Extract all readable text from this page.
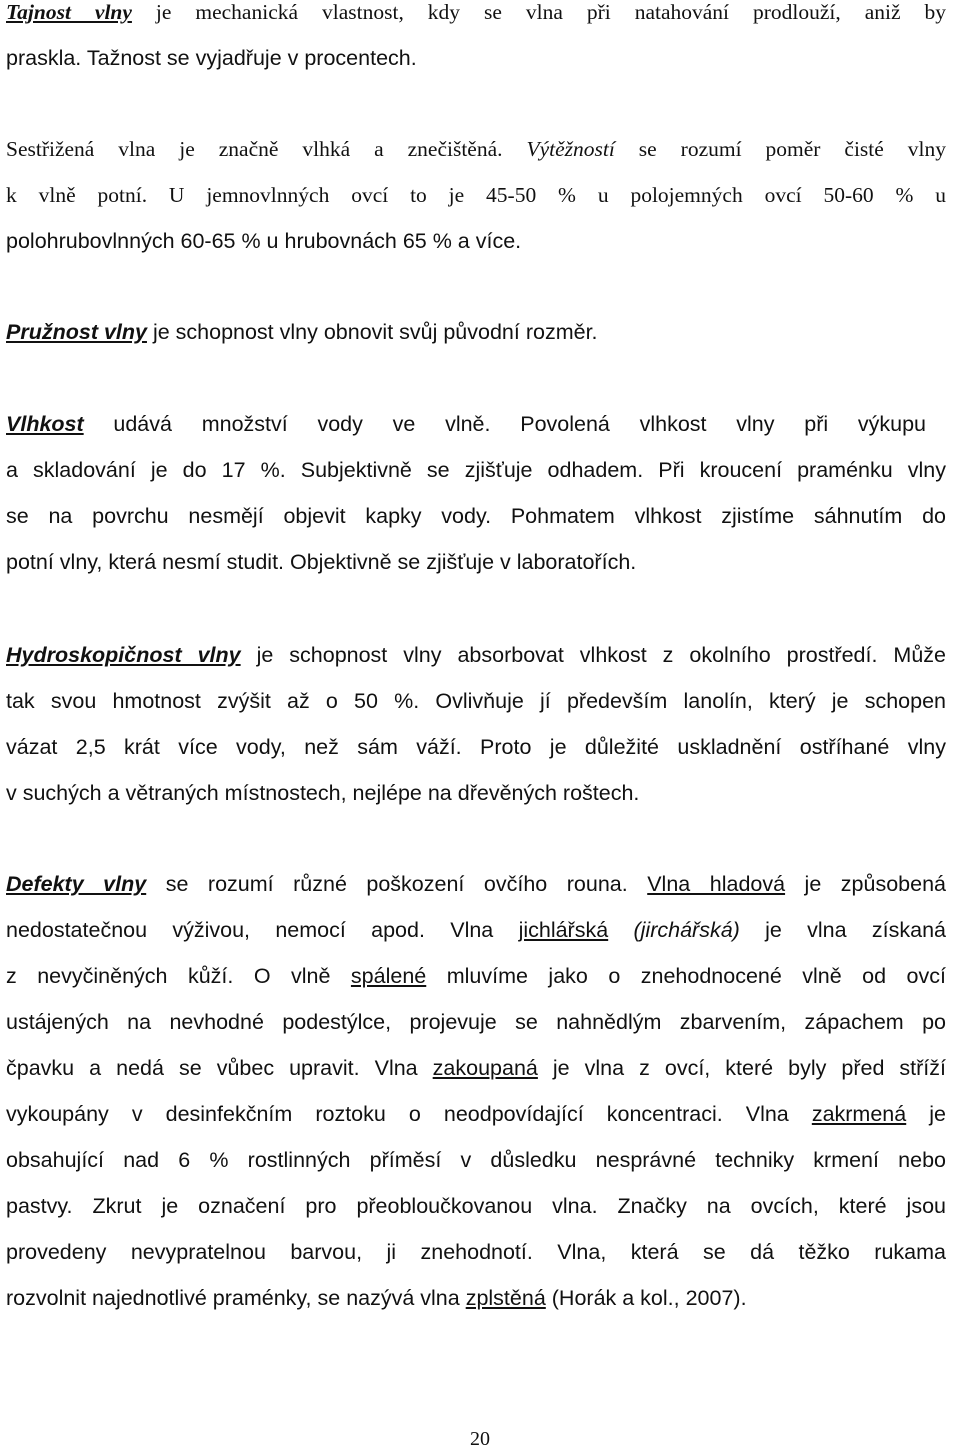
Tajnost vlny je mechanická vlastnost, kdy se vlna při natahování prodlouží, aniž by
praskla. Tažnost se vyjadřuje v procentech.
Sestřižená vlna je značně vlhká a znečištěná. Výtěžností se rozumí poměr čisté vlny
k vlně potní. U jemnovlnných ovcí to je 45-50 % u polojemných ovcí 50-60 % u
polohrubovlnných 60-65 % u hrubovnách 65 % a více.
Pružnost vlny je schopnost vlny obnovit svůj původní rozměr.
Vlhkost udává množství vody ve vlně. Povolená vlhkost vlny při výkupu
a skladování je do 17 %. Subjektivně se zjišťuje odhadem. Při kroucení praménku vlny
se na povrchu nesmějí objevit kapky vody. Pohmatem vlhkost zjistíme sáhnutím do
potní vlny, která nesmí studit. Objektivně se zjišťuje v laboratořích.
Hydroskopičnost vlny je schopnost vlny absorbovat vlhkost z okolního prostředí. Může
tak svou hmotnost zvýšit až o 50 %. Ovlivňuje jí především lanolín, který je schopen
vázat 2,5 krát více vody, než sám váží. Proto je důležité uskladnění ostříhané vlny
v suchých a větraných místnostech, nejlépe na dřevěných roštech.
Defekty vlny se rozumí různé poškození ovčího rouna. Vlna hladová je způsobená
nedostatečnou výživou, nemocí apod. Vlna jichlářská (jirchářská) je vlna získaná
z nevyčiněných kůží. O vlně spálené mluvíme jako o znehodnocené vlně od ovcí
ustájených na nevhodné podestýlce, projevuje se nahnědlým zbarvením, zápachem po
čpavku a nedá se vůbec upravit. Vlna zakoupaná je vlna z ovcí, které byly před stříží
vykoupány v desinfekčním roztoku o neodpovídající koncentraci. Vlna zakrmená je
obsahující nad 6 % rostlinných příměsí v důsledku nesprávné techniky krmení nebo
pastvy. Zkrut je označení pro přeobloučkovanou vlna. Značky na ovcích, které jsou
provedeny nevypratelnou barvou, ji znehodnotí. Vlna, která se dá těžko rukama
rozvolnit najednotlivé praménky, se nazývá vlna zplstěná (Horák a kol., 2007).
20
